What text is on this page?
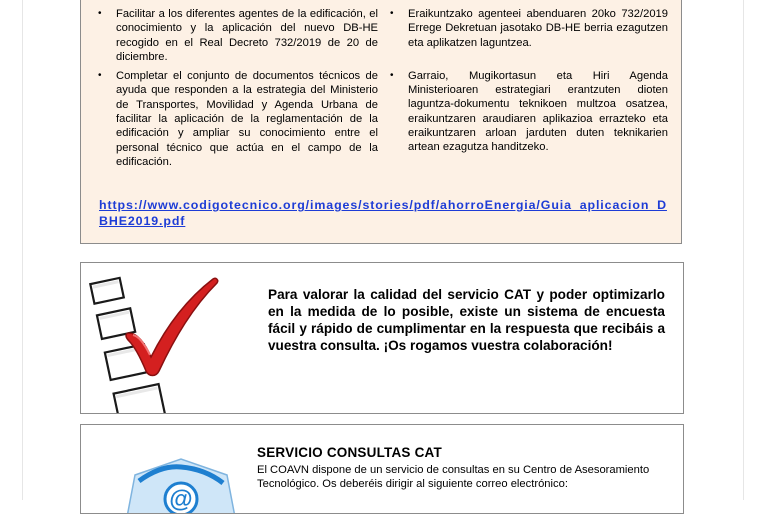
• Facilitar a los diferentes agentes de la edificación, el conocimiento y la aplicación del nuevo DB-HE recogido en el Real Decreto 732/2019 de 20 de diciembre.
• Completar el conjunto de documentos técnicos de ayuda que responden a la estrategia del Ministerio de Transportes, Movilidad y Agenda Urbana de facilitar la aplicación de la reglamentación de la edificación y ampliar su conocimiento entre el personal técnico que actúa en el campo de la edificación.
• Eraikuntzako agenteei abenduaren 20ko 732/2019 Errege Dekretuan jasotako DB-HE berria ezagutzen eta aplikatzen laguntzea.
• Garraio, Mugikortasun eta Hiri Agenda Ministerioaren estrategiari erantzuten dioten laguntza-dokumentu teknikoen multzoa osatzea, eraikuntzaren araudiaren aplikazioa errazteko eta eraikuntzaren arloan jarduten duten teknikarien artean ezagutza handitzeko.
https://www.codigotecnico.org/images/stories/pdf/ahorroEnergia/Guia_aplicacion_DBHE2019.pdf
Para valorar la calidad del servicio CAT y poder optimizarlo en la medida de lo posible, existe un sistema de encuesta fácil y rápido de cumplimentar en la respuesta que recibáis a vuestra consulta. ¡Os rogamos vuestra colaboración!
@
SERVICIO CONSULTAS CAT
El COAVN dispone de un servicio de consultas en su Centro de Asesoramiento Tecnológico. Os deberéis dirigir al siguiente correo electrónico:
